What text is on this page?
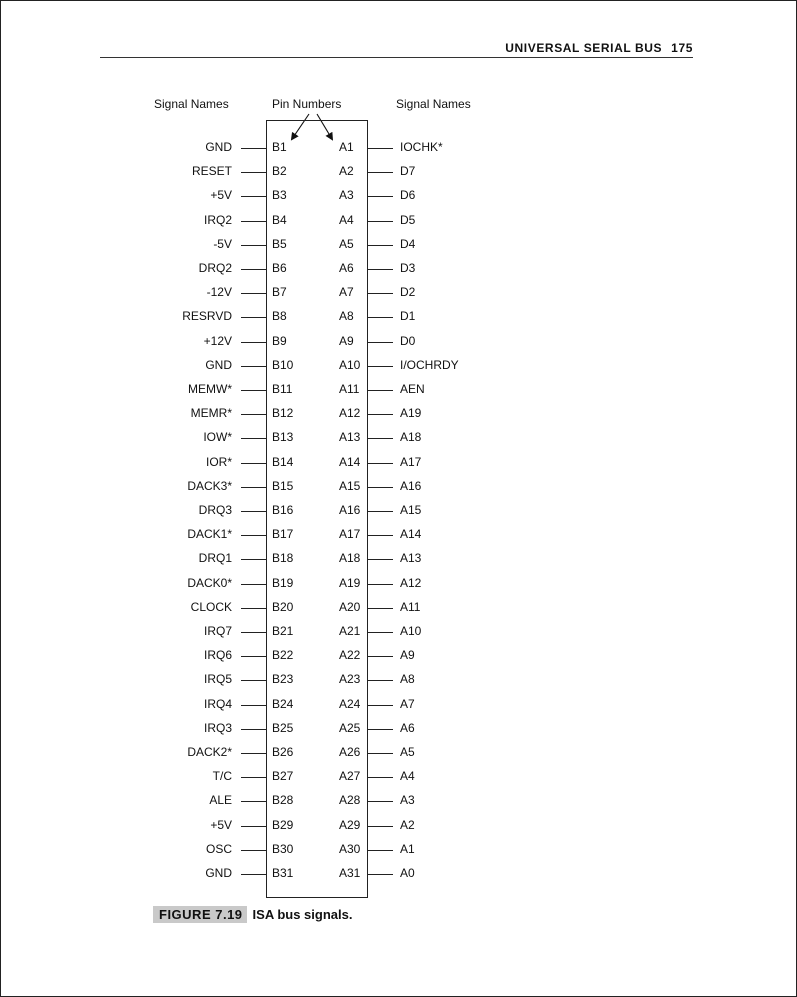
UNIVERSAL SERIAL BUS 175
Signal Names	Pin Numbers	Signal Names
GND	B1	A1	IOCHK*
RESET	B2	A2	D7
+5V	B3	A3	D6
IRQ2	B4	A4	D5
-5V	B5	A5	D4
DRQ2	B6	A6	D3
-12V	B7	A7	D2
RESRVD	B8	A8	D1
+12V	B9	A9	D0
GND	B10	A10	I/OCHRDY
MEMW*	B11	A11	AEN
MEMR*	B12	A12	A19
IOW*	B13	A13	A18
IOR*	B14	A14	A17
DACK3*	B15	A15	A16
DRQ3	B16	A16	A15
DACK1*	B17	A17	A14
DRQ1	B18	A18	A13
DACK0*	B19	A19	A12
CLOCK	B20	A20	A11
IRQ7	B21	A21	A10
IRQ6	B22	A22	A9
IRQ5	B23	A23	A8
IRQ4	B24	A24	A7
IRQ3	B25	A25	A6
DACK2*	B26	A26	A5
T/C	B27	A27	A4
ALE	B28	A28	A3
+5V	B29	A29	A2
OSC	B30	A30	A1
GND	B31	A31	A0
FIGURE 7.19 ISA bus signals.
